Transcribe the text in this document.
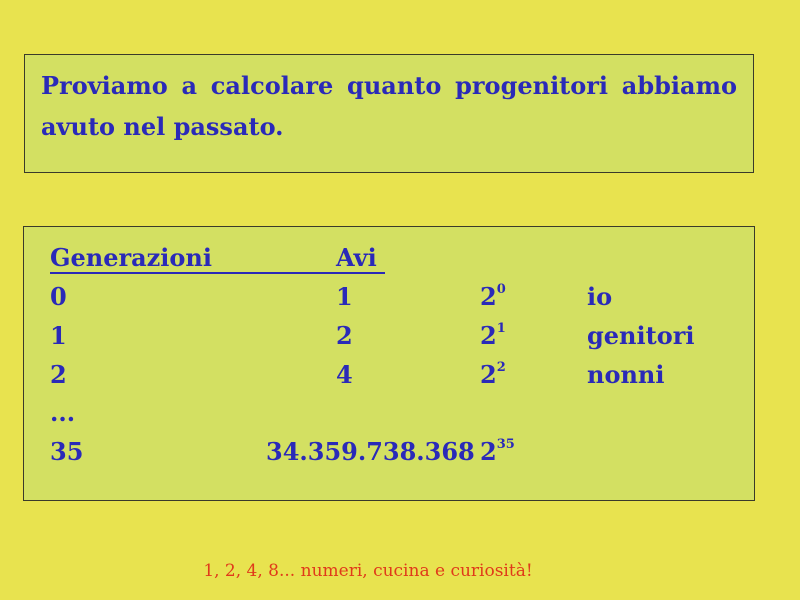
Proviamo a calcolare quanto progenitori abbiamo avuto nel passato.

Generazioni	Avi
0	1	$2^0$	io
1	2	$2^1$	genitori
2	4	$2^2$	nonni
...
35	34.359.738.368 $2^{35}$
1, 2, 4, 8... numeri, cucina e curiosità!
